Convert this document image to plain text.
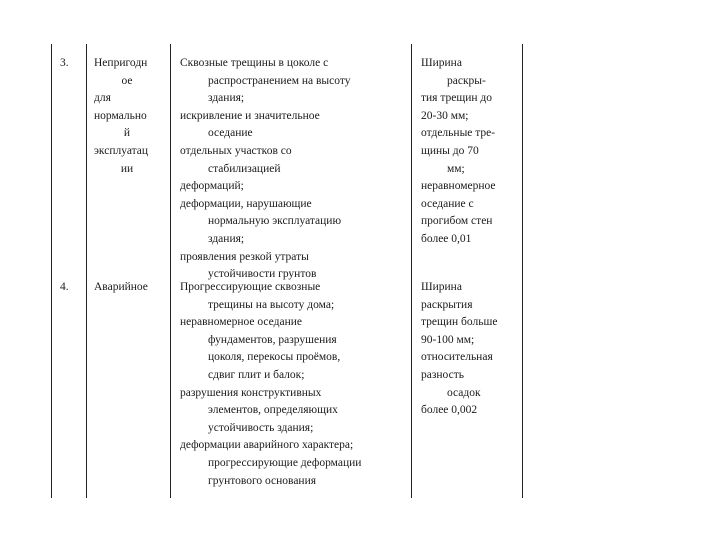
3. Непригодн
ое
для
нормально
й
эксплуатац
ии
Сквозные трещины в цоколе с
распространением на высоту
здания;
искривление и значительное
оседание
отдельных участков со
стабилизацией
деформаций;
деформации, нарушающие
нормальную эксплуатацию
здания;
проявления резкой утраты
устойчивости грунтов
Ширина
раскры-
тия трещин до
20-30 мм;
отдельные тре-
щины до 70
мм;
неравномерное
оседание с
прогибом стен
более 0,01
4. Аварийное	Прогрессирующие сквозные
трещины на высоту дома;
неравномерное оседание
фундаментов, разрушения
цоколя, перекосы проёмов,
сдвиг плит и балок;
разрушения конструктивных
элементов, определяющих
устойчивость здания;
деформации аварийного характера;
прогрессирующие деформации
грунтового основания
Ширина
раскрытия
трещин больше
90-100 мм;
относительная
разность
осадок
более 0,002
